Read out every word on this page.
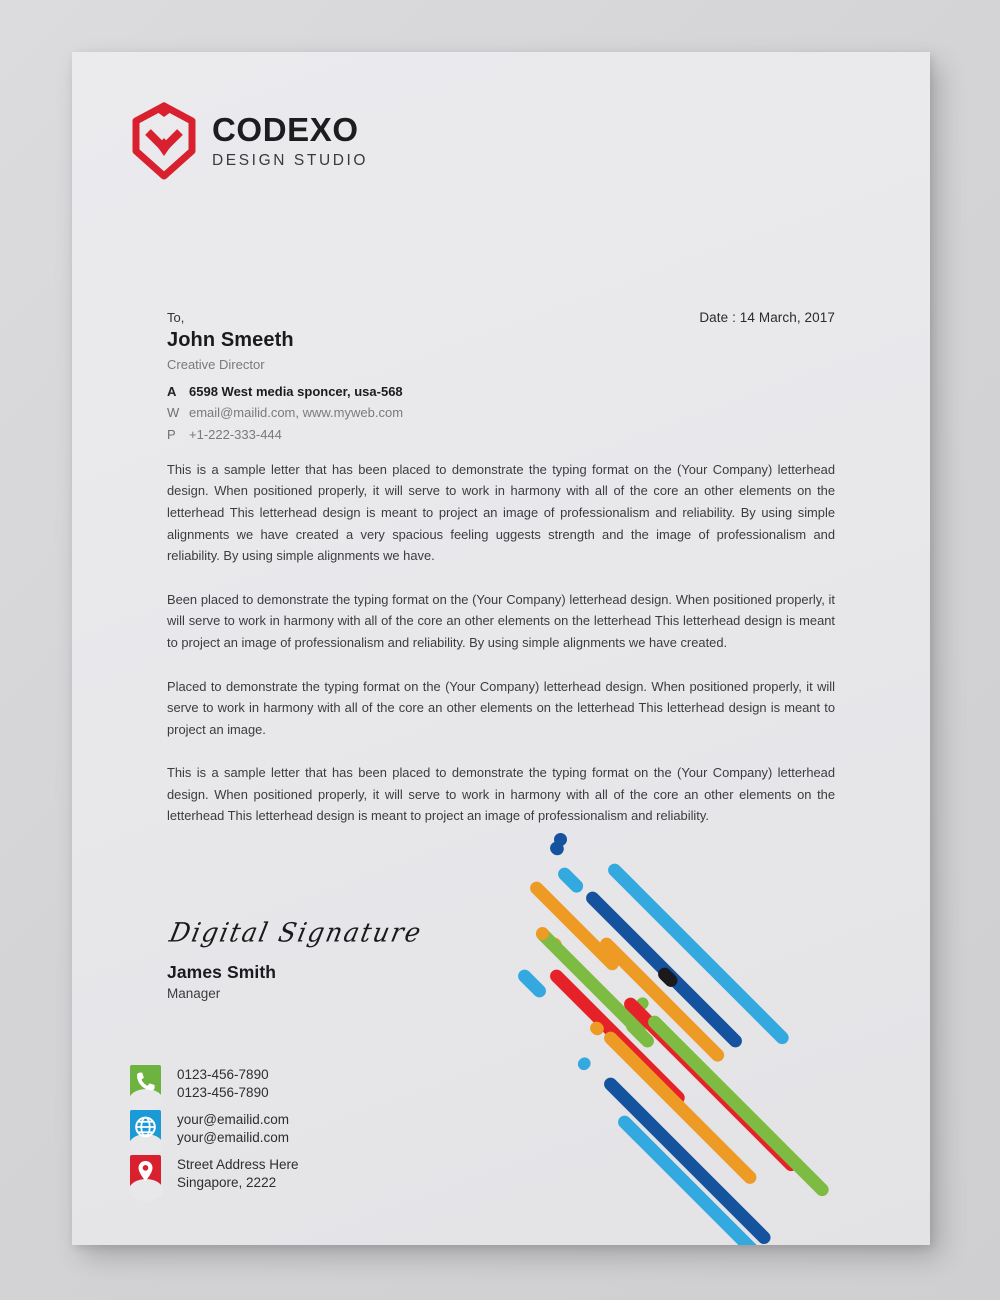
CODEXO
DESIGN STUDIO
Date : 14 March, 2017
To,
John Smeeth
Creative Director
A 6598 West media sponcer, usa-568
W email@mailid.com, www.myweb.com
P	+1-222-333-444

This is a sample letter that has been placed to demonstrate the typing format on the (Your Company) letterhead design. When positioned properly, it will serve to work in harmony with all of the core an other elements on the letterhead This letterhead design is meant to project an image of professionalism and reliability. By using simple alignments we have created a very spacious feeling uggests strength and the image of professionalism and reliability. By using simple alignments we have.

Been placed to demonstrate the typing format on the (Your Company) letterhead design. When positioned properly, it will serve to work in harmony with all of the core an other elements on the letterhead This letterhead design is meant to project an image of professionalism and reliability. By using simple alignments we have created.

Placed to demonstrate the typing format on the (Your Company) letterhead design. When positioned properly, it will serve to work in harmony with all of the core an other elements on the letterhead This letterhead design is meant to project an image.

This is a sample letter that has been placed to demonstrate the typing format on the (Your Company) letterhead design. When positioned properly, it will serve to work in harmony with all of the core an other elements on the letterhead This letterhead design is meant to project an image of professionalism and reliability.

Digital Signature
James Smith
Manager
0123-456-7890
0123-456-7890
your@emailid.com
your@emailid.com
Street Address Here
Singapore, 2222
